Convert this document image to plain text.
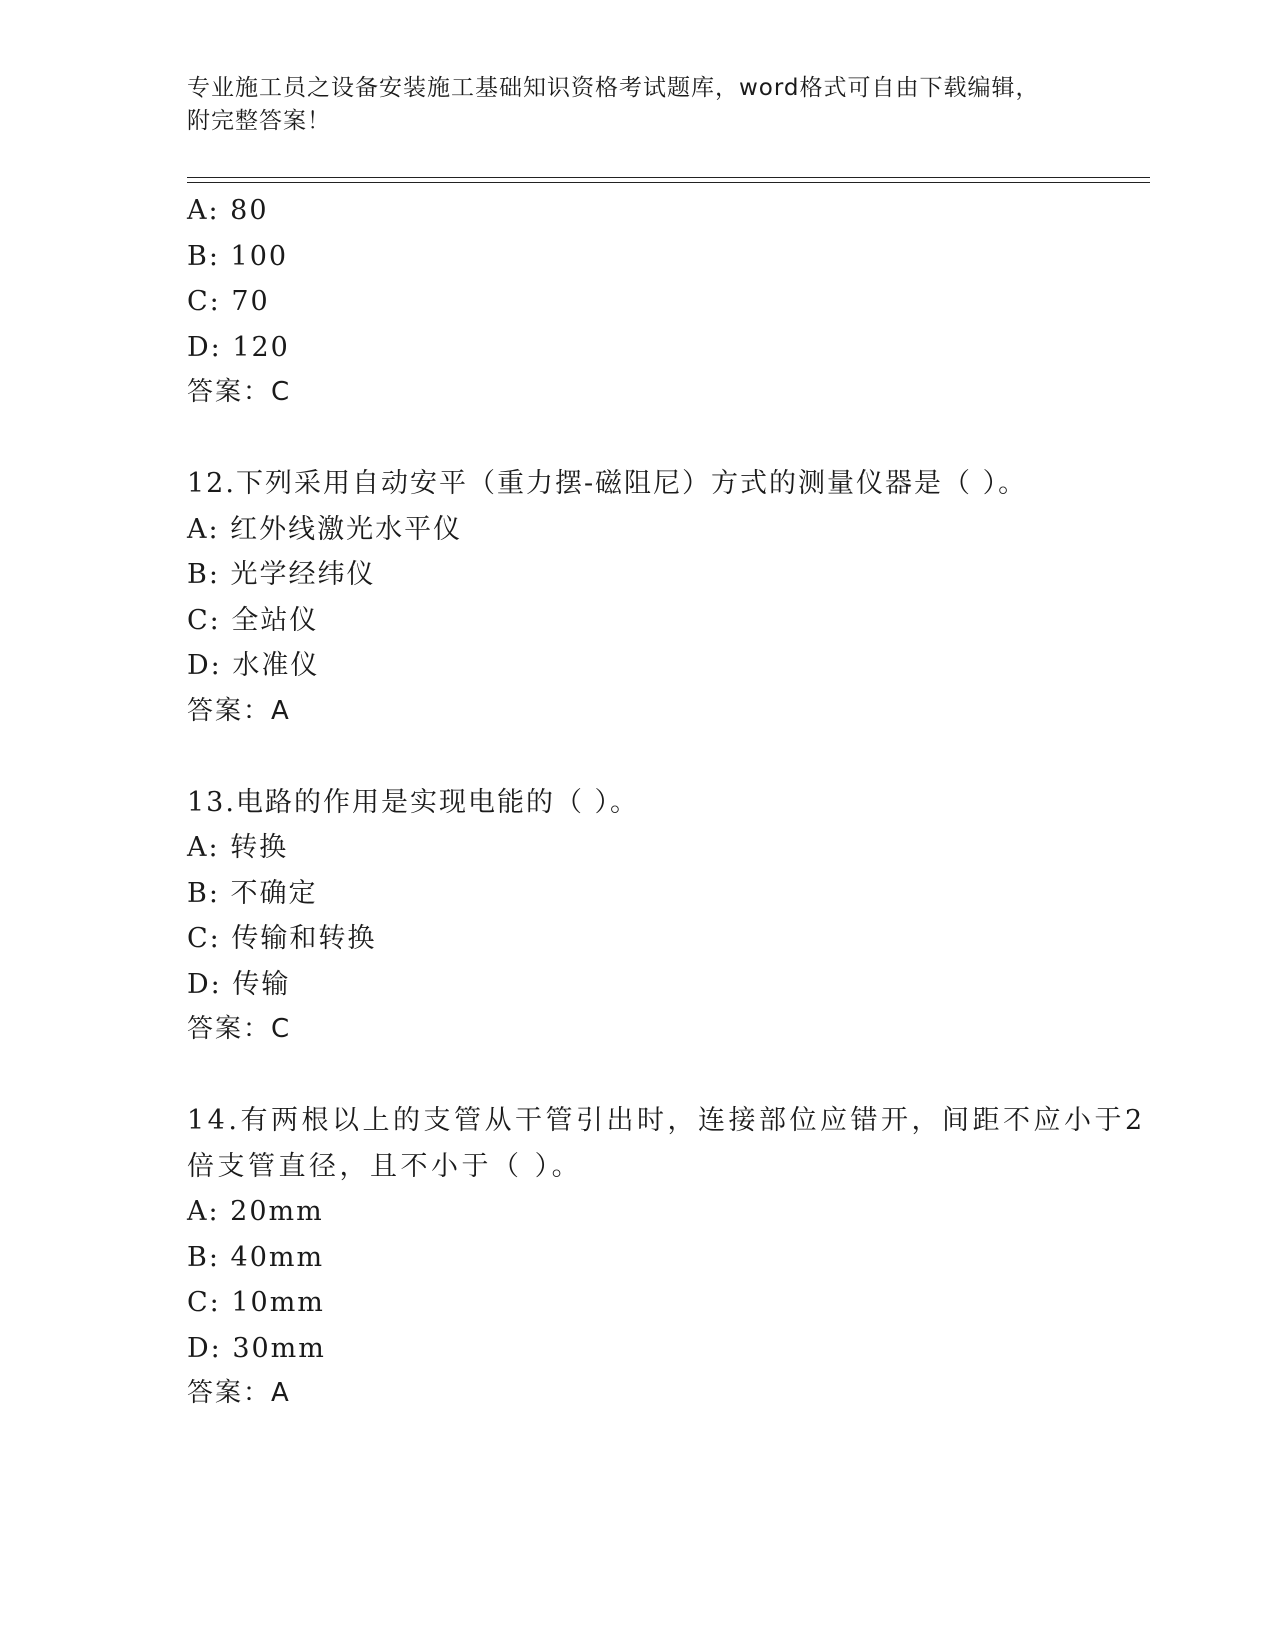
专业施工员之设备安装施工基础知识资格考试题库，word格式可自由下载编辑，
附完整答案！
A: 80
B: 100
C: 70
D: 120
答案：C
12.下列采用自动安平（重力摆-磁阻尼）方式的测量仪器是（ ）。
A: 红外线激光水平仪
B: 光学经纬仪
C: 全站仪
D: 水准仪
答案：A
13.电路的作用是实现电能的（ ）。
A: 转换
B: 不确定
C: 传输和转换
D: 传输
答案：C
14.有两根以上的支管从干管引出时，连接部位应错开，间距不应小于2倍支管直径，且不小于（ ）。
A: 20mm
B: 40mm
C: 10mm
D: 30mm
答案：A
